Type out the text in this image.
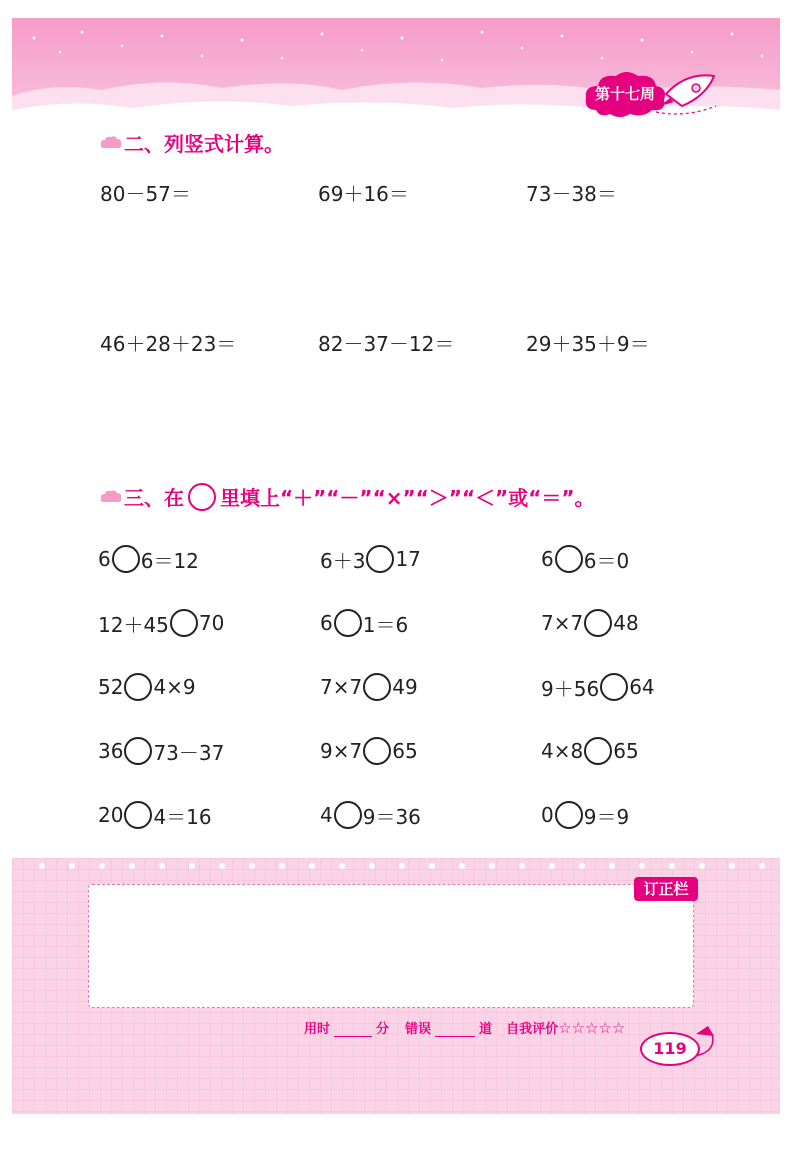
第十七周
二、列竖式计算。
80－57＝	69＋16＝	73－38＝
46＋28＋23＝	82－37－12＝	29＋35＋9＝
三、在 里填上“＋”“－”“×”“＞”“＜”或“＝”。
6 6＝12	6＋3 17	6 6＝0
12＋45 70	6 1＝6	7×7 48
52 4×9	7×7 49	9＋56 64
36 73－37	9×7 65	4×8 65
20 4＝16	4 9＝36	0 9＝9
订正栏
用时	分 错误	道 自我评价 ☆☆☆☆☆
119
